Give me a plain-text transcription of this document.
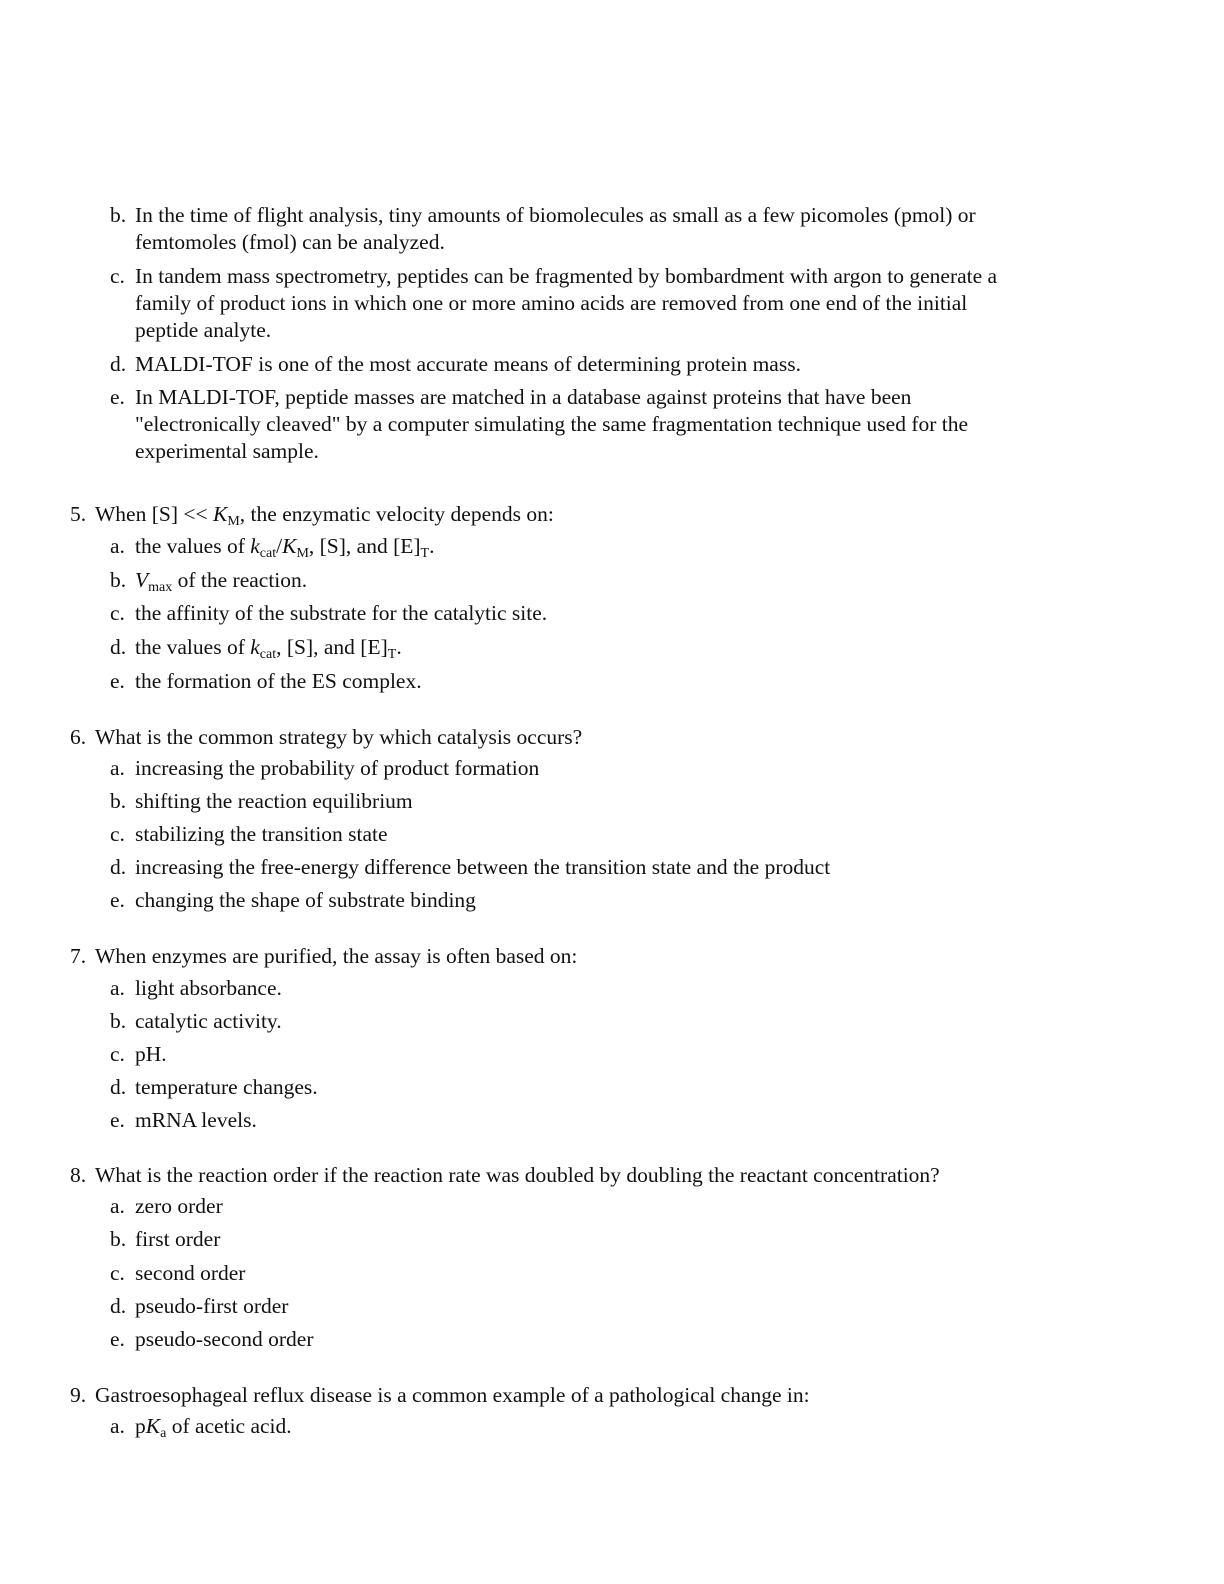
b. In the time of flight analysis, tiny amounts of biomolecules as small as a few picomoles (pmol) or
femtomoles (fmol) can be analyzed.
c. In tandem mass spectrometry, peptides can be fragmented by bombardment with argon to generate a
family of product ions in which one or more amino acids are removed from one end of the initial
peptide analyte.
d. MALDI-TOF is one of the most accurate means of determining protein mass.
e. In MALDI-TOF, peptide masses are matched in a database against proteins that have been
"electronically cleaved" by a computer simulating the same fragmentation technique used for the
experimental sample.
5. When $[S] << K_M$, the enzymatic velocity depends on:
a. the values of $k_{cat}/K_M$, [S], and $[E]_T$.
b. $V_{max}$ of the reaction.
c. the affinity of the substrate for the catalytic site.
d. the values of $k_{cat}$, [S], and $[E]_T$.
e. the formation of the ES complex.
6. What is the common strategy by which catalysis occurs?
a. increasing the probability of product formation
b. shifting the reaction equilibrium
c. stabilizing the transition state
d. increasing the free-energy difference between the transition state and the product
e. changing the shape of substrate binding
7. When enzymes are purified, the assay is often based on:
a. light absorbance.
b. catalytic activity.
c. pH.
d. temperature changes.
e. mRNA levels.
8. What is the reaction order if the reaction rate was doubled by doubling the reactant concentration?
a. zero order
b. first order
c. second order
d. pseudo-first order
e. pseudo-second order
9. Gastroesophageal reflux disease is a common example of a pathological change in:
a. $pK_a$ of acetic acid.
